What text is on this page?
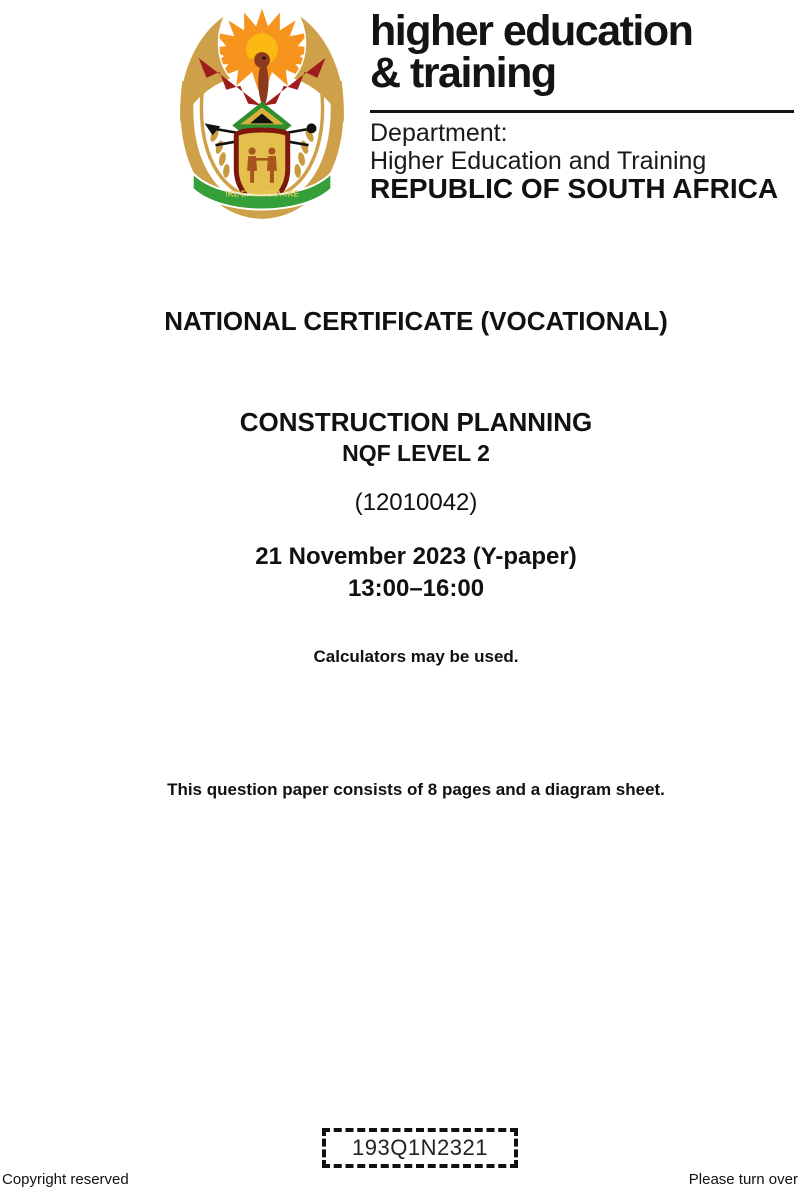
!KE E: /XARRA //KE
higher education
& training
Department:
Higher Education and Training
REPUBLIC OF SOUTH AFRICA
NATIONAL CERTIFICATE (VOCATIONAL)
CONSTRUCTION PLANNING
NQF LEVEL 2
(12010042)
21 November 2023 (Y-paper)
13:00–16:00
Calculators may be used.
This question paper consists of 8 pages and a diagram sheet.
193Q1N2321
Copyright reserved	Please turn over
